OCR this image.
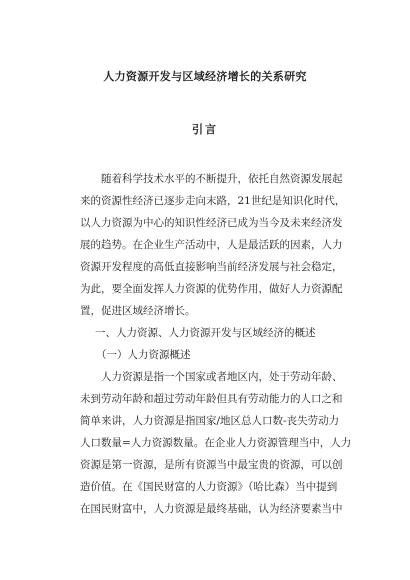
人力资源开发与区域经济增长的关系研究
引言
随着科学技术水平的不断提升，依托自然资源发展起
来的资源性经济已逐步走向末路，21世纪是知识化时代，
以人力资源为中心的知识性经济已成为当今及未来经济发
展的趋势。在企业生产活动中，人是最活跃的因素，人力
资源开发程度的高低直接影响当前经济发展与社会稳定，
为此，要全面发挥人力资源的优势作用，做好人力资源配
置，促进区域经济增长。
一、人力资源、人力资源开发与区域经济的概述
（一）人力资源概述
人力资源是指一个国家或者地区内，处于劳动年龄、
未到劳动年龄和超过劳动年龄但具有劳动能力的人口之和
简单来讲，人力资源是指国家/地区总人口数-丧失劳动力
人口数量=人力资源数量。在企业人力资源管理当中，人力
资源是第一资源，是所有资源当中最宝贵的资源，可以创
造价值。在《国民财富的人力资源》（哈比森）当中提到
在国民财富中，人力资源是最终基础，认为经济要素当中
